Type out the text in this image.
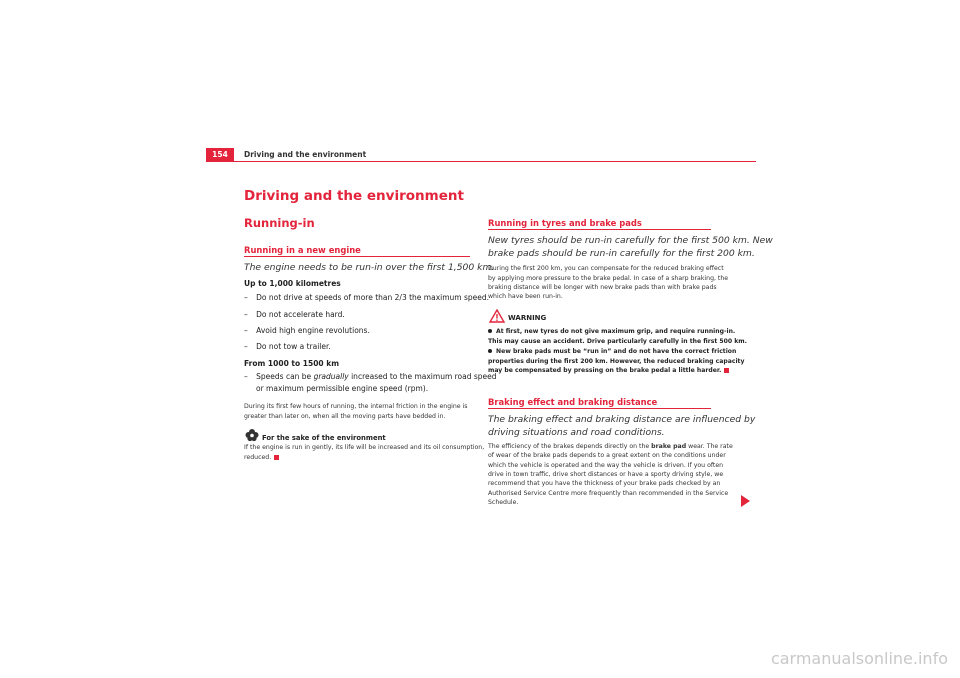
154	Driving and the environment
Driving and the environment
Running-in
Running in a new engine
The engine needs to be run-in over the first 1,500 km.
Up to 1,000 kilometres
– Do not drive at speeds of more than 2/3 the maximum speed.
– Do not accelerate hard.
– Avoid high engine revolutions.
– Do not tow a trailer.
From 1000 to 1500 km
– Speeds can be gradually increased to the maximum road speed
or maximum permissible engine speed (rpm).
During its first few hours of running, the internal friction in the engine is
greater than later on, when all the moving parts have bedded in.
For the sake of the environment
If the engine is run in gently, its life will be increased and its oil consumption,
reduced.
Running in tyres and brake pads
New tyres should be run-in carefully for the first 500 km. New
brake pads should be run-in carefully for the first 200 km.
During the first 200 km, you can compensate for the reduced braking effect
by applying more pressure to the brake pedal. In case of a sharp braking, the
braking distance will be longer with new brake pads than with brake pads
which have been run-in.
WARNING
At first, new tyres do not give maximum grip, and require running-in.
This may cause an accident. Drive particularly carefully in the first 500 km.
New brake pads must be “run in” and do not have the correct friction
properties during the first 200 km. However, the reduced braking capacity
may be compensated by pressing on the brake pedal a little harder.
Braking effect and braking distance
The braking effect and braking distance are influenced by
driving situations and road conditions.
The efficiency of the brakes depends directly on the brake pad wear. The rate
of wear of the brake pads depends to a great extent on the conditions under
which the vehicle is operated and the way the vehicle is driven. If you often
drive in town traffic, drive short distances or have a sporty driving style, we
recommend that you have the thickness of your brake pads checked by an
Authorised Service Centre more frequently than recommended in the Service
Schedule.
carmanualsonline.info
